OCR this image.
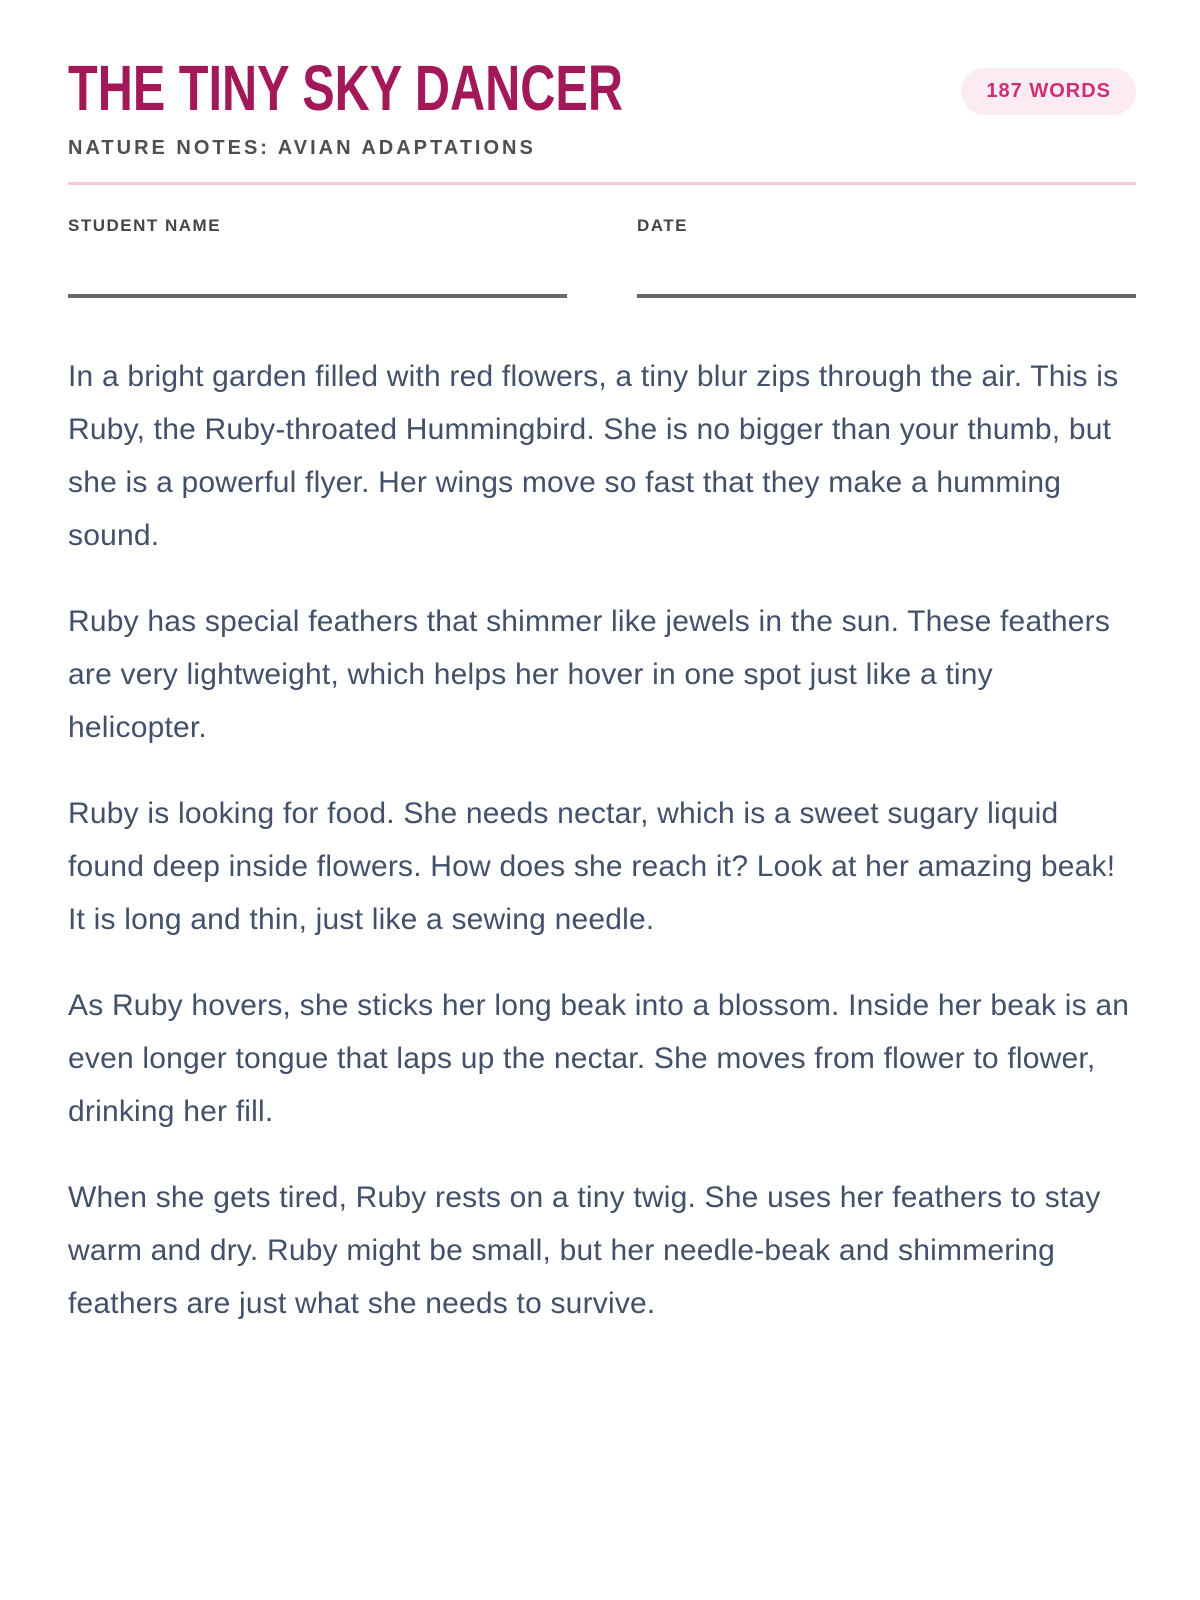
THE TINY SKY DANCER
NATURE NOTES: AVIAN ADAPTATIONS
187 WORDS
STUDENT NAME	DATE

In a bright garden filled with red flowers, a tiny blur zips through the air. This is Ruby, the Ruby-throated Hummingbird. She is no bigger than your thumb, but she is a powerful flyer. Her wings move so fast that they make a humming sound.

Ruby has special feathers that shimmer like jewels in the sun. These feathers are very lightweight, which helps her hover in one spot just like a tiny helicopter.

Ruby is looking for food. She needs nectar, which is a sweet sugary liquid found deep inside flowers. How does she reach it? Look at her amazing beak! It is long and thin, just like a sewing needle.

As Ruby hovers, she sticks her long beak into a blossom. Inside her beak is an even longer tongue that laps up the nectar. She moves from flower to flower, drinking her fill.

When she gets tired, Ruby rests on a tiny twig. She uses her feathers to stay warm and dry. Ruby might be small, but her needle-beak and shimmering feathers are just what she needs to survive.
